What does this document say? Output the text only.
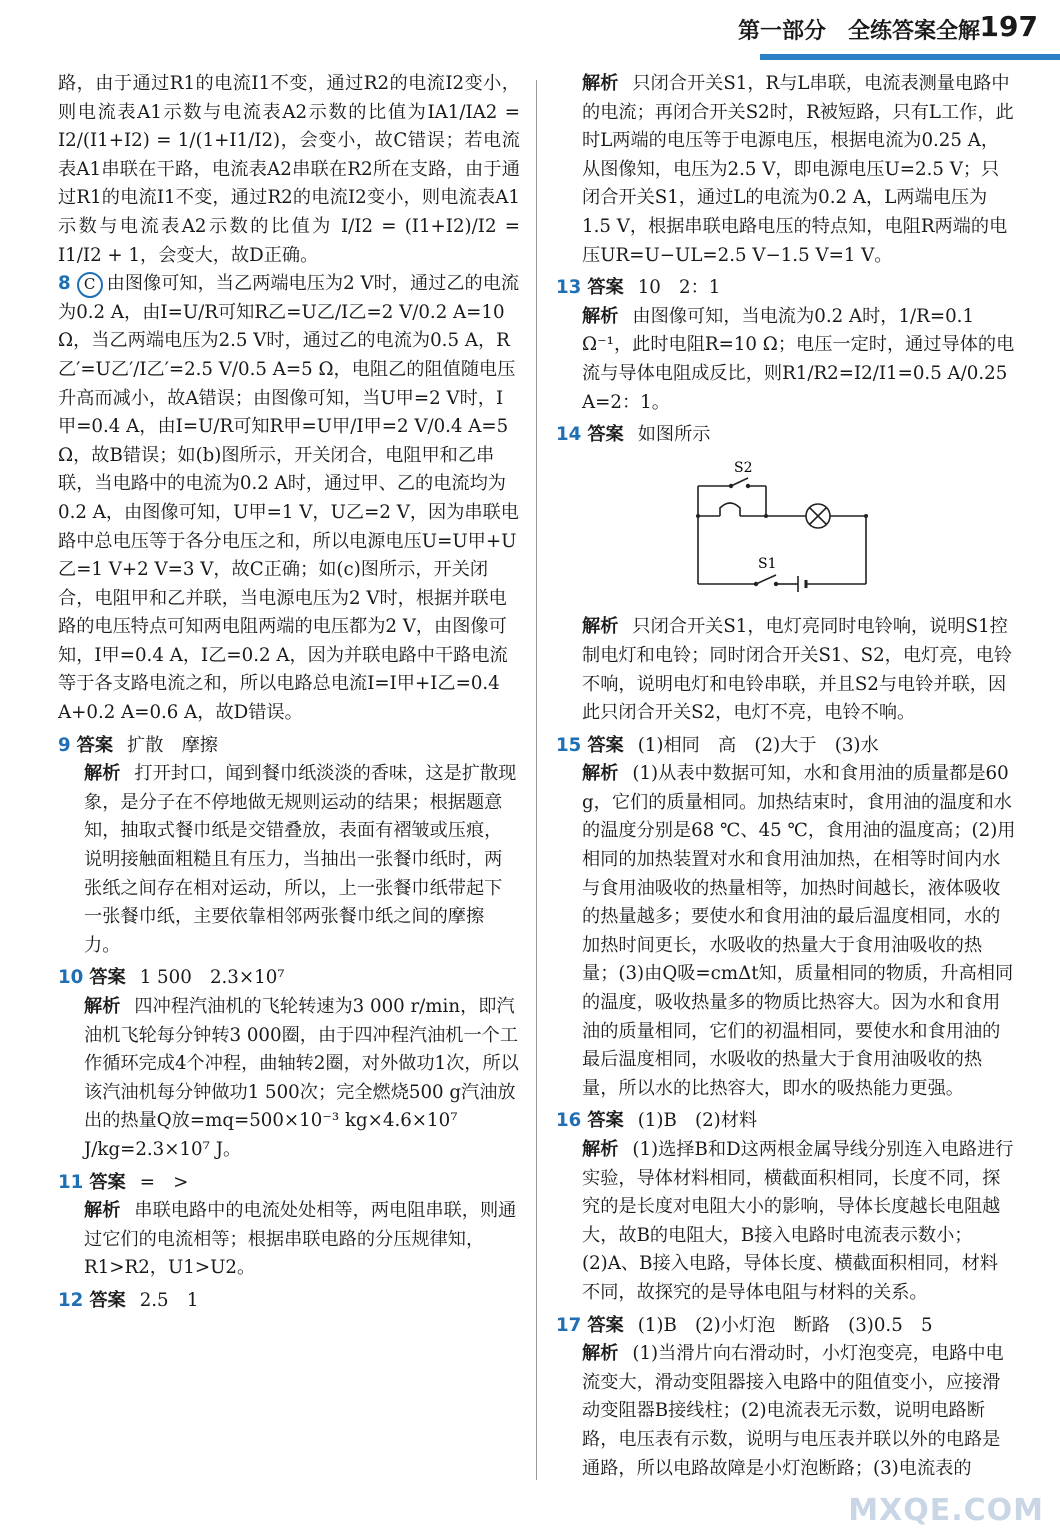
第一部分　全练答案全解 197

路，由于通过R1的电流I1不变，通过R2的电流I2变小，则电流表A1示数与电流表A2示数的比值为IA1/IA2 = I2/(I1+I2) = 1/(1+I1/I2)，会变小，故C错误；若电流表A1串联在干路，电流表A2串联在R2所在支路，由于通过R1的电流I1不变，通过R2的电流I2变小，则电流表A1示数与电流表A2示数的比值为 I/I2 = (I1+I2)/I2 = I1/I2 + 1，会变大，故D正确。

8 C 由图像可知，当乙两端电压为2 V时，通过乙的电流为0.2 A，由I=U/R可知R乙=U乙/I乙=2 V/0.2 A=10 Ω，当乙两端电压为2.5 V时，通过乙的电流为0.5 A，R乙′=U乙′/I乙′=2.5 V/0.5 A=5 Ω，电阻乙的阻值随电压升高而减小，故A错误；由图像可知，当U甲=2 V时，I甲=0.4 A，由I=U/R可知R甲=U甲/I甲=2 V/0.4 A=5 Ω，故B错误；如(b)图所示，开关闭合，电阻甲和乙串联，当电路中的电流为0.2 A时，通过甲、乙的电流均为0.2 A，由图像可知，U甲=1 V，U乙=2 V，因为串联电路中总电压等于各分电压之和，所以电源电压U=U甲+U乙=1 V+2 V=3 V，故C正确；如(c)图所示，开关闭合，电阻甲和乙并联，当电源电压为2 V时，根据并联电路的电压特点可知两电阻两端的电压都为2 V，由图像可知，I甲=0.4 A，I乙=0.2 A，因为并联电路中干路电流等于各支路电流之和，所以电路总电流I=I甲+I乙=0.4 A+0.2 A=0.6 A，故D错误。
9 答案 扩散　摩擦
解析 打开封口，闻到餐巾纸淡淡的香味，这是扩散现象，是分子在不停地做无规则运动的结果；根据题意知，抽取式餐巾纸是交错叠放，表面有褶皱或压痕，说明接触面粗糙且有压力，当抽出一张餐巾纸时，两张纸之间存在相对运动，所以，上一张餐巾纸带起下一张餐巾纸，主要依靠相邻两张餐巾纸之间的摩擦力。
10 答案 1 500　2.3×10⁷
解析 四冲程汽油机的飞轮转速为3 000 r/min，即汽油机飞轮每分钟转3 000圈，由于四冲程汽油机一个工作循环完成4个冲程，曲轴转2圈，对外做功1次，所以该汽油机每分钟做功1 500次；完全燃烧500 g汽油放出的热量Q放=mq=500×10⁻³ kg×4.6×10⁷ J/kg=2.3×10⁷ J。
11 答案 =　>
解析 串联电路中的电流处处相等，两电阻串联，则通过它们的电流相等；根据串联电路的分压规律知，R1>R2，U1>U2。
12 答案 2.5　1
解析 只闭合开关S1，R与L串联，电流表测量电路中的电流；再闭合开关S2时，R被短路，只有L工作，此时L两端的电压等于电源电压，根据电流为0.25 A，从图像知，电压为2.5 V，即电源电压U=2.5 V；只闭合开关S1，通过L的电流为0.2 A，L两端电压为1.5 V，根据串联电路电压的特点知，电阻R两端的电压UR=U−UL=2.5 V−1.5 V=1 V。
13 答案 10　2：1
解析 由图像可知，当电流为0.2 A时，1/R=0.1 Ω⁻¹，此时电阻R=10 Ω；电压一定时，通过导体的电流与导体电阻成反比，则R1/R2=I2/I1=0.5 A/0.25 A=2：1。
14 答案 如图所示
S2
S1
解析 只闭合开关S1，电灯亮同时电铃响，说明S1控制电灯和电铃；同时闭合开关S1、S2，电灯亮，电铃不响，说明电灯和电铃串联，并且S2与电铃并联，因此只闭合开关S2，电灯不亮，电铃不响。
15 答案 (1)相同　高　(2)大于　(3)水
解析 (1)从表中数据可知，水和食用油的质量都是60 g，它们的质量相同。加热结束时，食用油的温度和水的温度分别是68 ℃、45 ℃，食用油的温度高；(2)用相同的加热装置对水和食用油加热，在相等时间内水与食用油吸收的热量相等，加热时间越长，液体吸收的热量越多；要使水和食用油的最后温度相同，水的加热时间更长，水吸收的热量大于食用油吸收的热量；(3)由Q吸=cmΔt知，质量相同的物质，升高相同的温度，吸收热量多的物质比热容大。因为水和食用油的质量相同，它们的初温相同，要使水和食用油的最后温度相同，水吸收的热量大于食用油吸收的热量，所以水的比热容大，即水的吸热能力更强。
16 答案 (1)B　(2)材料
解析 (1)选择B和D这两根金属导线分别连入电路进行实验，导体材料相同，横截面积相同，长度不同，探究的是长度对电阻大小的影响，导体长度越长电阻越大，故B的电阻大，B接入电路时电流表示数小；(2)A、B接入电路，导体长度、横截面积相同，材料不同，故探究的是导体电阻与材料的关系。
17 答案 (1)B　(2)小灯泡　断路　(3)0.5　5
解析 (1)当滑片向右滑动时，小灯泡变亮，电路中电流变大，滑动变阻器接入电路中的阻值变小，应接滑动变阻器B接线柱；(2)电流表无示数，说明电路断路，电压表有示数，说明与电压表并联以外的电路是通路，所以电路故障是小灯泡断路；(3)电流表的
MXQE.COM
